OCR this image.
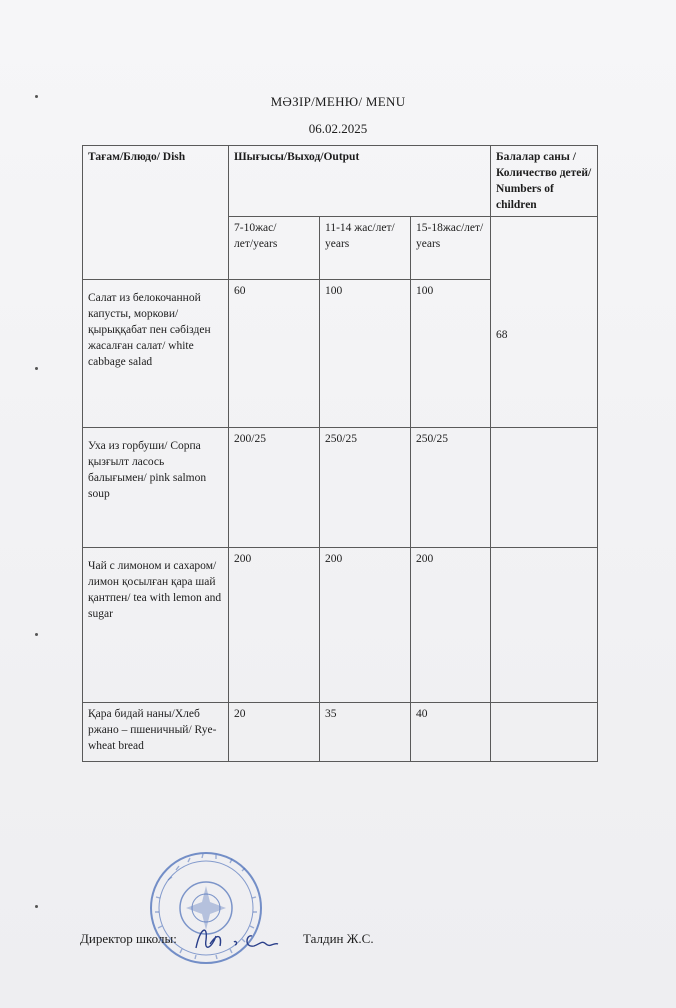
МӘЗІР/МЕНЮ/ MENU
06.02.2025
Тағам/Блюдо/ Dish	Шығысы/Выход/Output			Балалар саны /Количество детей/ Numbers of children
	7-10жас/лет/years	11-14 жас/лет/ years	15-18жас/лет/ years	68
Салат из белокочанной капусты, моркови/ қырыққабат пен сәбізден жасалған салат/ white cabbage salad	60	100	100	
Уха из горбуши/ Сорпа қызғылт ласось балығымен/ pink salmon soup	200/25	250/25	250/25	
Чай с лимоном и сахаром/ лимон қосылған қара шай қантпен/ tea with lemon and sugar	200	200	200	
Қара бидай наны/Хлеб ржано – пшеничный/ Rye-wheat bread	20	35	40	
Директор школы:	Талдин Ж.С.
